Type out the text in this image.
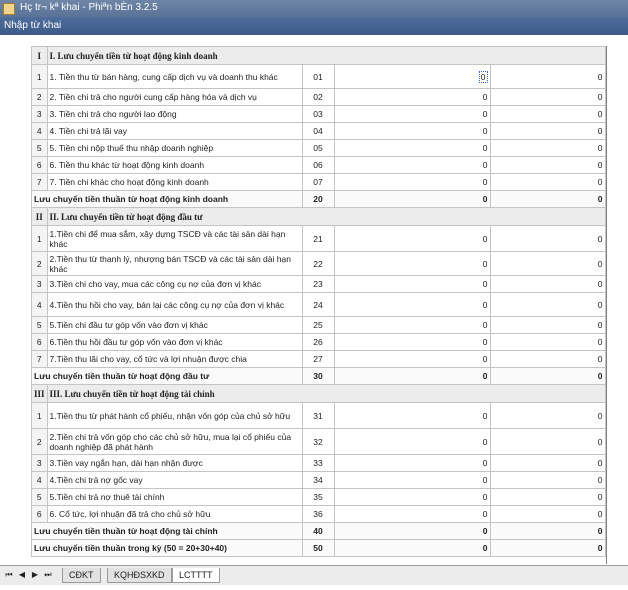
Hç tr¬ kª khai - Phiªn bÈn 3.2.5
Nhập từ khai
I	I. Lưu chuyển tiền từ hoạt động kinh doanh			
1	1. Tiền thu từ bán hàng, cung cấp dịch vụ và doanh thu khác	01	0	0
2	2. Tiền chi trả cho người cung cấp hàng hóa và dịch vụ	02	0	0
3	3. Tiền chi trả cho người lao động	03	0	0
4	4. Tiền chi trả lãi vay	04	0	0
5	5. Tiền chi nộp thuế thu nhập doanh nghiệp	05	0	0
6	6. Tiền thu khác từ hoạt động kinh doanh	06	0	0
7	7. Tiền chi khác cho hoạt động kinh doanh	07	0	0
Lưu chuyển tiền thuần từ hoạt động kinh doanh		20	0	0
II	II. Lưu chuyển tiền từ hoạt động đầu tư			
1	1.Tiền chi để mua sắm, xây dựng TSCĐ và các tài sản dài hạn khác	21	0	0
2	2.Tiền thu từ thanh lý, nhượng bán TSCĐ và các tài sản dài hạn khác	22	0	0
3	3.Tiền chi cho vay, mua các công cụ nợ của đơn vị khác	23	0	0
4	4.Tiền thu hồi cho vay, bán lại các công cụ nợ của đơn vị khác	24	0	0
5	5.Tiền chi đầu tư góp vốn vào đơn vị khác	25	0	0
6	6.Tiền thu hồi đầu tư góp vốn vào đơn vị khác	26	0	0
7	7.Tiền thu lãi cho vay, cổ tức và lợi nhuận được chia	27	0	0
Lưu chuyển tiền thuần từ hoạt động đầu tư		30	0	0
III	III. Lưu chuyển tiền từ hoạt động tài chính			
1	1.Tiền thu từ phát hành cổ phiếu, nhận vốn góp của chủ sở hữu	31	0	0
2	2.Tiền chi trả vốn góp cho các chủ sở hữu, mua lại cổ phiếu của doanh nghiệp đã phát hành	32	0	0
3	3.Tiền vay ngắn hạn, dài hạn nhận được	33	0	0
4	4.Tiền chi trả nợ gốc vay	34	0	0
5	5.Tiền chi trả nợ thuê tài chính	35	0	0
6	6. Cổ tức, lợi nhuận đã trả cho chủ sở hữu	36	0	0
Lưu chuyển tiền thuần từ hoạt động tài chính		40	0	0
Lưu chuyển tiền thuần trong kỳ (50 = 20+30+40)		50	0	0
⏮ ◀ ▶ ⏭	CĐKT	KQHĐSXKD	LCTTTT
